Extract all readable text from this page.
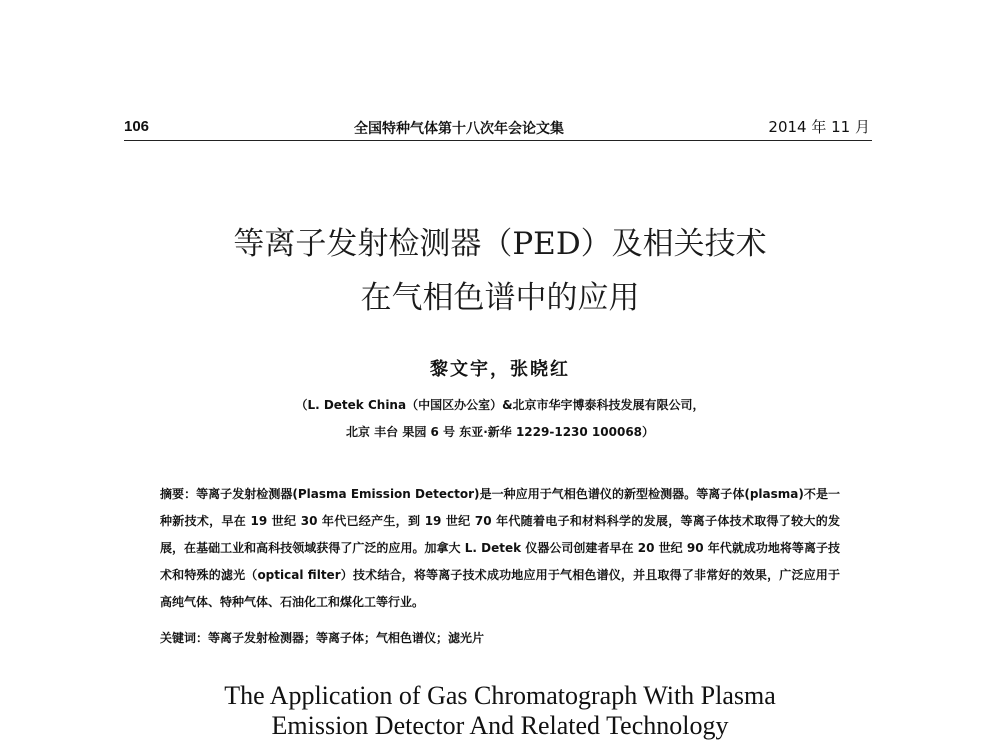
106	全国特种气体第十八次年会论文集	2014 年 11 月
等离子发射检测器（PED）及相关技术
在气相色谱中的应用
黎文宇，张晓红
（L. Detek China（中国区办公室）&北京市华宇博泰科技发展有限公司，
北京 丰台 果园 6 号 东亚·新华 1229-1230 100068）

摘要：等离子发射检测器(Plasma Emission Detector)是一种应用于气相色谱仪的新型检测器。等离子体(plasma)不是一种新技术，早在 19 世纪 30 年代已经产生，到 19 世纪 70 年代随着电子和材料科学的发展，等离子体技术取得了较大的发展，在基础工业和高科技领域获得了广泛的应用。加拿大 L. Detek 仪器公司创建者早在 20 世纪 90 年代就成功地将等离子技术和特殊的滤光（optical filter）技术结合，将等离子技术成功地应用于气相色谱仪，并且取得了非常好的效果，广泛应用于高纯气体、特种气体、石油化工和煤化工等行业。

关键词：等离子发射检测器；等离子体；气相色谱仪；滤光片
The Application of Gas Chromatograph With Plasma
Emission Detector And Related Technology
